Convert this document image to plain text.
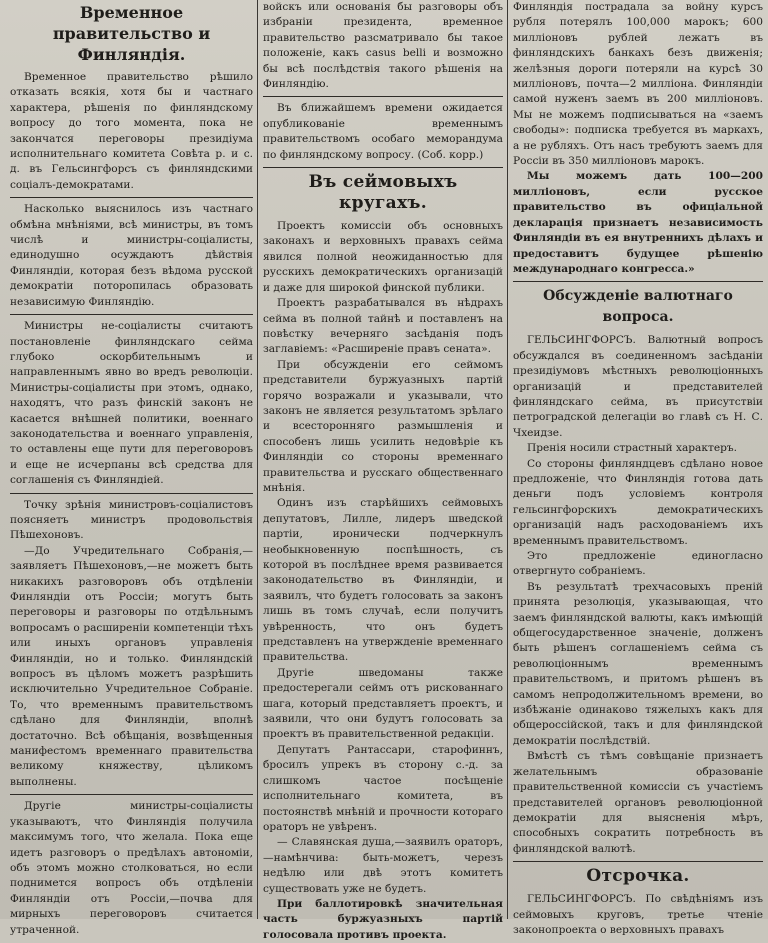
Временное правительство и Финляндія.

Временное правительство рѣшило отказать всякія, хотя бы и частнаго характера, рѣшенія по финляндскому вопросу до того момента, пока не закончатся переговоры президіума исполнительнаго комитета Совѣта р. и с. д. въ Гельсингфорсъ съ финляндскими соціалъ-демократами.

Насколько выяснилось изъ частнаго обмѣна мнѣніями, всѣ министры, въ томъ числѣ и министры-соціалисты, единодушно осуждаютъ дѣйствія Финляндіи, которая безъ вѣдома русской демократіи поторопилась образовать независимую Финляндію.

Министры не-соціалисты считаютъ постановленіе финляндскаго сейма глубоко оскорбительнымъ и направленнымъ явно во вредъ революціи. Министры-соціалисты при этомъ, однако, находятъ, что разъ финскій законъ не касается внѣшней политики, военнаго законодательства и военнаго управленія, то оставлены еще пути для переговоровъ и еще не исчерпаны всѣ средства для соглашенія съ Финляндіей.

Точку зрѣнія министровъ-соціалистовъ поясняетъ министръ продовольствія Пѣшехоновъ.

—До Учредительнаго Собранія,— заявляетъ Пѣшехоновъ,—не можетъ быть никакихъ разговоровъ объ отдѣленіи Финляндіи отъ Россіи; могутъ быть переговоры и разговоры по отдѣльнымъ вопросамъ о расширеніи компетенціи тѣхъ или иныхъ органовъ управленія Финляндіи, но и только. Финляндскій вопросъ въ цѣломъ можетъ разрѣшить исключительно Учредительное Собраніе. То, что временнымъ правительствомъ сдѣлано для Финляндіи, вполнѣ достаточно. Всѣ обѣщанія, возвѣщенныя манифестомъ временнаго правительства великому княжеству, цѣликомъ выполнены.

Другіе министры-соціалисты указываютъ, что Финляндія получила максимумъ того, что желала. Пока еще идетъ разговоръ о предѣлахъ автономіи, объ этомъ можно столковаться, но если поднимется вопросъ объ отдѣленіи Финляндіи отъ Россіи,—почва для мирныхъ переговоровъ считается утраченной.

войскъ или основанія бы разговоры объ избраніи президента, временное правительство разсматривало бы такое положеніе, какъ casus belli и возможно бы всѣ послѣдствія такого рѣшенія на Финляндію.

Въ ближайшемъ времени ожидается опубликованіе временнымъ правительствомъ особаго меморандума по финляндскому вопросу. (Соб. корр.)

Въ сеймовыхъ кругахъ.

Проектъ комиссіи объ основныхъ законахъ и верховныхъ правахъ сейма явился полной неожиданностью для русскихъ демократическихъ организацій и даже для широкой финской публики.

Проектъ разрабатывался въ нѣдрахъ сейма въ полной тайнѣ и поставленъ на повѣстку вечерняго засѣданія подъ заглавіемъ: «Расширеніе правъ сената».

При обсужденіи его сеймомъ представители буржуазныхъ партій горячо возражали и указывали, что законъ не является результатомъ зрѣлаго и всесторонняго размышленія и способенъ лишь усилить недовѣріе къ Финляндіи со стороны временнаго правительства и русскаго общественнаго мнѣнія.

Одинъ изъ старѣйшихъ сеймовыхъ депутатовъ, Лилле, лидеръ шведской партіи, иронически подчеркнулъ необыкновенную поспѣшность, съ которой въ послѣднее время развивается законодательство въ Финляндіи, и заявилъ, что будетъ голосовать за законъ лишь въ томъ случаѣ, если получитъ увѣренность, что онъ будетъ представленъ на утвержденіе временнаго правительства.

Другіе шведоманы также предостерегали сеймъ отъ рискованнаго шага, который представляетъ проектъ, и заявили, что они будутъ голосовать за проектъ въ правительственной редакціи.

Депутатъ Рантассари, старофиннъ, бросилъ упрекъ въ сторону с.-д. за слишкомъ частое посѣщеніе исполнительнаго комитета, въ постоянствѣ мнѣній и прочности котораго ораторъ не увѣренъ.

— Славянская душа,—заявилъ ораторъ,—намѣнчива: быть-можетъ, черезъ недѣлю или двѣ этотъ комитетъ существовать уже не будетъ.

При баллотировкѣ значительная часть буржуазныхъ партій голосовала противъ проекта.

Финляндія пострадала за войну курсъ рубля потерялъ 100,000 марокъ; 600 милліоновъ рублей лежатъ въ финляндскихъ банкахъ безъ движенія; желѣзныя дороги потеряли на курсѣ 30 милліоновъ, почта—2 милліона. Финляндіи самой нуженъ заемъ въ 200 милліоновъ. Мы не можемъ подписываться на «заемъ свободы»: подписка требуется въ маркахъ, а не рубляхъ. Отъ насъ требуютъ заемъ для Россіи въ 350 милліоновъ марокъ.

Мы можемъ дать 100—200 милліоновъ, если русское правительство въ офиціальной декларація признаетъ независимость Финляндіи въ ея внутреннихъ дѣлахъ и предоставитъ будущее рѣшенію международнаго конгресса.»

Обсужденіе валютнаго вопроса.

ГЕЛЬСИНГФОРСЪ. Валютный вопросъ обсуждался въ соединенномъ засѣданіи президіумовъ мѣстныхъ революціонныхъ организацій и представителей финляндскаго сейма, въ присутствіи петроградской делегаціи во главѣ съ Н. С. Чхеидзе.

Пренія носили страстный характеръ.

Со стороны финляндцевъ сдѣлано новое предложеніе, что Финляндія готова дать деньги подъ условіемъ контроля гельсингфорскихъ демократическихъ организацій надъ расходованіемъ ихъ временнымъ правительствомъ.

Это предложеніе единогласно отвергнуто собраніемъ.

Въ результатѣ трехчасовыхъ преній принята резолюція, указывающая, что заемъ финляндской валюты, какъ имѣющій общегосударственное значеніе, долженъ быть рѣшенъ соглашеніемъ сейма съ революціоннымъ временнымъ правительствомъ, и притомъ рѣшенъ въ самомъ непродолжительномъ времени, во избѣжаніе одинаково тяжелыхъ какъ для общероссійской, такъ и для финляндской демократіи послѣдствій.

Вмѣстѣ съ тѣмъ совѣщаніе признаетъ желательнымъ образованіе правительственной комиссіи съ участіемъ представителей органовъ революціонной демократіи для выясненія мѣръ, способныхъ сократить потребность въ финляндской валютѣ.

Отсрочка.

ГЕЛЬСИНГФОРСЪ. По свѣдѣніямъ изъ сеймовыхъ круговъ, третье чтеніе законопроекта о верховныхъ правахъ
